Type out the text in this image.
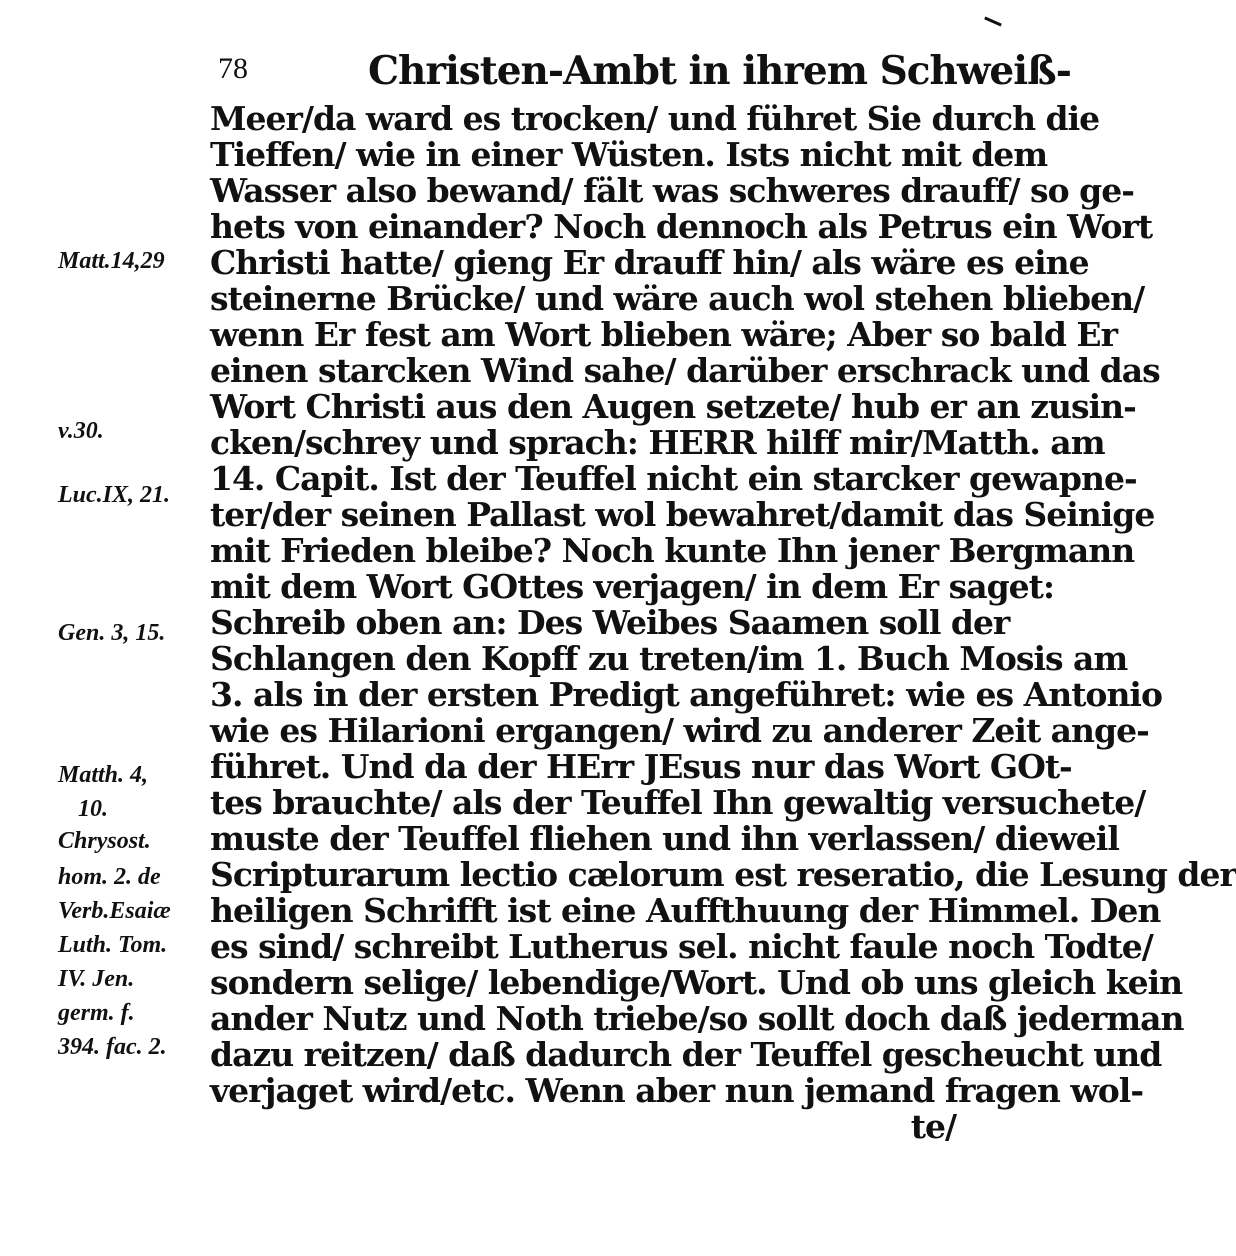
78	Christen-Ambt in ihrem Schweiß-
Matt.14,29
v.30.
Luc.IX, 21.
Gen. 3, 15.
Matth. 4,
10.
Chrysost.
hom. 2. de
Verb.Esaiæ
Luth. Tom.
IV. Jen.
germ. f.
394. fac. 2.
Meer/da ward es trocken/ und führet Sie durch die
Tieffen/ wie in einer Wüsten. Ists nicht mit dem
Wasser also bewand/ fält was schweres drauff/ so ge-
hets von einander? Noch dennoch als Petrus ein Wort
Christi hatte/ gieng Er drauff hin/ als wäre es eine
steinerne Brücke/ und wäre auch wol stehen blieben/
wenn Er fest am Wort blieben wäre; Aber so bald Er
einen starcken Wind sahe/ darüber erschrack und das
Wort Christi aus den Augen setzete/ hub er an zusin-
cken/schrey und sprach: HERR hilff mir/Matth. am
14. Capit. Ist der Teuffel nicht ein starcker gewapne-
ter/der seinen Pallast wol bewahret/damit das Seinige
mit Frieden bleibe? Noch kunte Ihn jener Bergmann
mit dem Wort GOttes verjagen/ in dem Er saget:
Schreib oben an: Des Weibes Saamen soll der
Schlangen den Kopff zu treten/im 1. Buch Mosis am
3. als in der ersten Predigt angeführet: wie es Antonio
wie es Hilarioni ergangen/ wird zu anderer Zeit ange-
führet. Und da der HErr JEsus nur das Wort GOt-
tes brauchte/ als der Teuffel Ihn gewaltig versuchete/
muste der Teuffel fliehen und ihn verlassen/ dieweil
Scripturarum lectio cælorum est reseratio, die Lesung der
heiligen Schrifft ist eine Auffthuung der Himmel. Den
es sind/ schreibt Lutherus sel. nicht faule noch Todte/
sondern selige/ lebendige/Wort. Und ob uns gleich kein
ander Nutz und Noth triebe/so sollt doch daß jederman
dazu reitzen/ daß dadurch der Teuffel gescheucht und
verjaget wird/etc. Wenn aber nun jemand fragen wol-
te/
